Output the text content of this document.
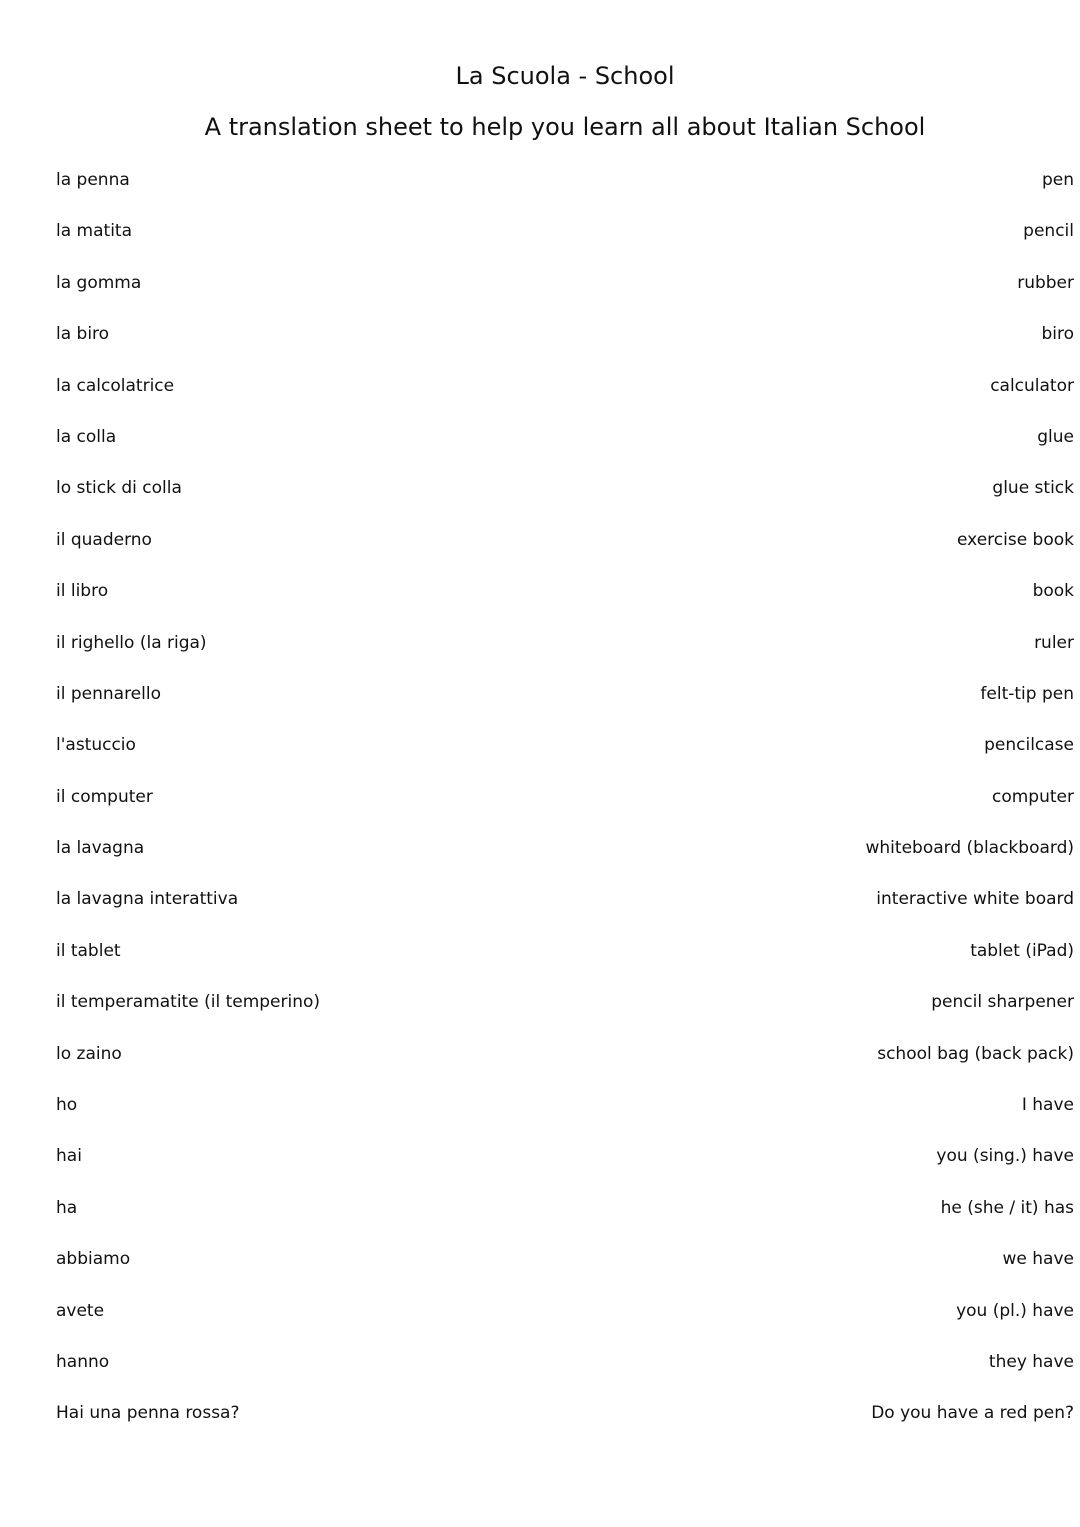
La Scuola - School
A translation sheet to help you learn all about Italian School
la penna	pen
la matita	pencil
la gomma	rubber
la biro	biro
la calcolatrice	calculator
la colla	glue
lo stick di colla	glue stick
il quaderno	exercise book
il libro	book
il righello (la riga)	ruler
il pennarello	felt-tip pen
l'astuccio	pencilcase
il computer	computer
la lavagna	whiteboard (blackboard)
la lavagna interattiva	interactive white board
il tablet	tablet (iPad)
il temperamatite (il temperino)	pencil sharpener
lo zaino	school bag (back pack)
ho	I have
hai	you (sing.) have
ha	he (she / it) has
abbiamo	we have
avete	you (pl.) have
hanno	they have
Hai una penna rossa?	Do you have a red pen?
